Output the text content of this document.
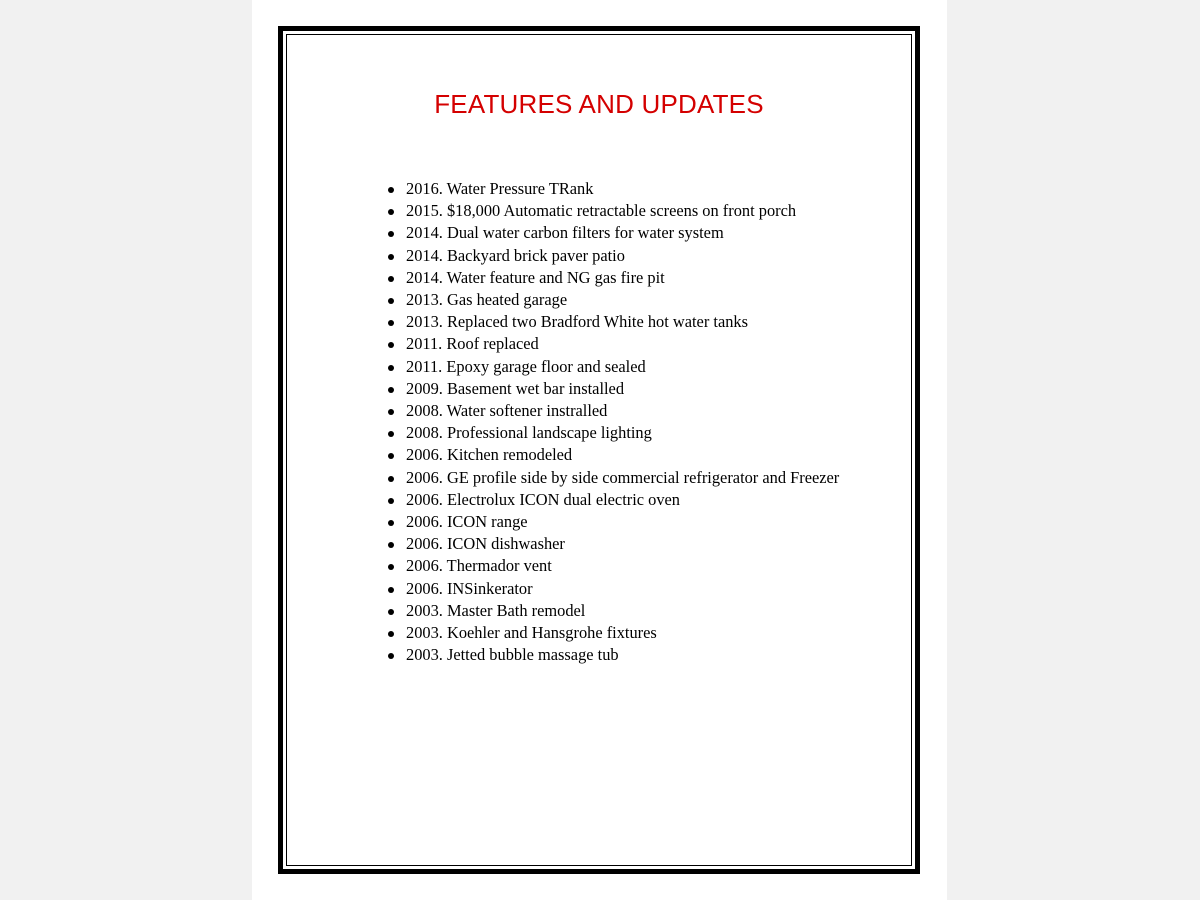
FEATURES AND UPDATES
2016. Water Pressure TRank
2015. $18,000 Automatic retractable screens on front porch
2014. Dual water carbon filters for water system
2014. Backyard brick paver patio
2014. Water feature and NG gas fire pit
2013. Gas heated garage
2013. Replaced two Bradford White hot water tanks
2011. Roof replaced
2011. Epoxy garage floor and sealed
2009. Basement wet bar installed
2008. Water softener instralled
2008. Professional landscape lighting
2006. Kitchen remodeled
2006. GE profile side by side commercial refrigerator and Freezer
2006. Electrolux ICON dual electric oven
2006. ICON range
2006. ICON dishwasher
2006. Thermador vent
2006. INSinkerator
2003. Master Bath remodel
2003. Koehler and Hansgrohe fixtures
2003. Jetted bubble massage tub
